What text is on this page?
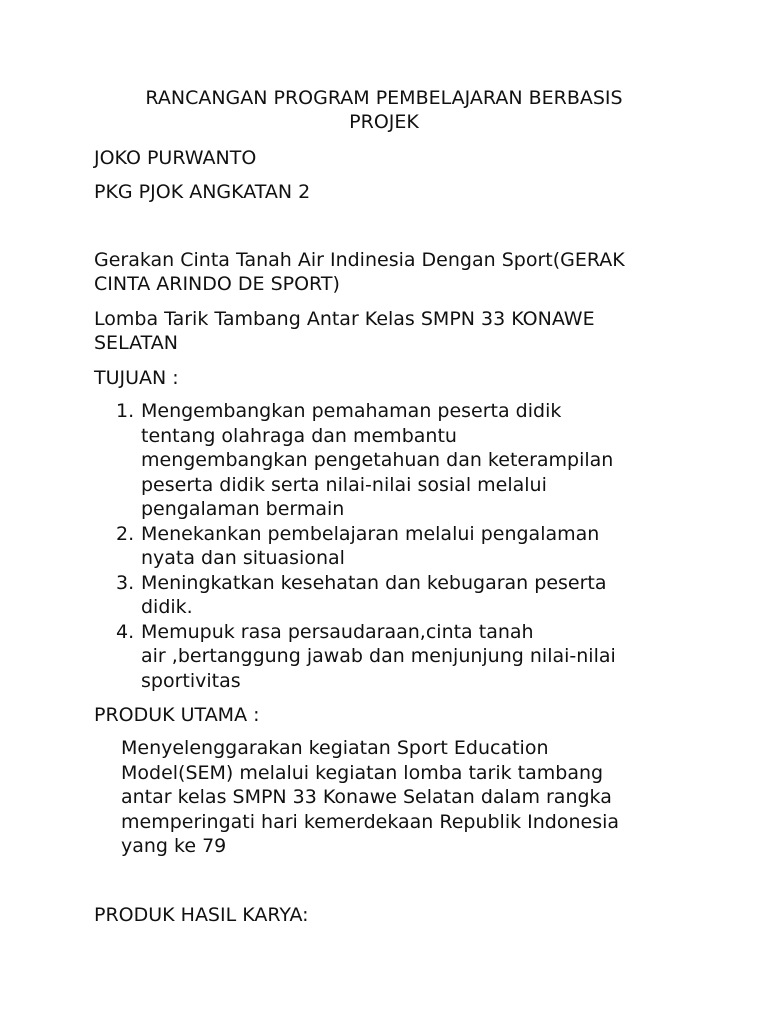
RANCANGAN PROGRAM PEMBELAJARAN BERBASIS
PROJEK
JOKO PURWANTO
PKG PJOK ANGKATAN 2
Gerakan Cinta Tanah Air Indinesia Dengan Sport(GERAK
CINTA ARINDO DE SPORT)
Lomba Tarik Tambang Antar Kelas SMPN 33 KONAWE
SELATAN
TUJUAN :
1. Mengembangkan pemahaman peserta didik
tentang olahraga dan membantu
mengembangkan pengetahuan dan keterampilan
peserta didik serta nilai-nilai sosial melalui
pengalaman bermain
2. Menekankan pembelajaran melalui pengalaman
nyata dan situasional
3. Meningkatkan kesehatan dan kebugaran peserta
didik.
4. Memupuk rasa persaudaraan,cinta tanah
air ,bertanggung jawab dan menjunjung nilai-nilai
sportivitas
PRODUK UTAMA :
Menyelenggarakan kegiatan Sport Education
Model(SEM) melalui kegiatan lomba tarik tambang
antar kelas SMPN 33 Konawe Selatan dalam rangka
memperingati hari kemerdekaan Republik Indonesia
yang ke 79
PRODUK HASIL KARYA:
